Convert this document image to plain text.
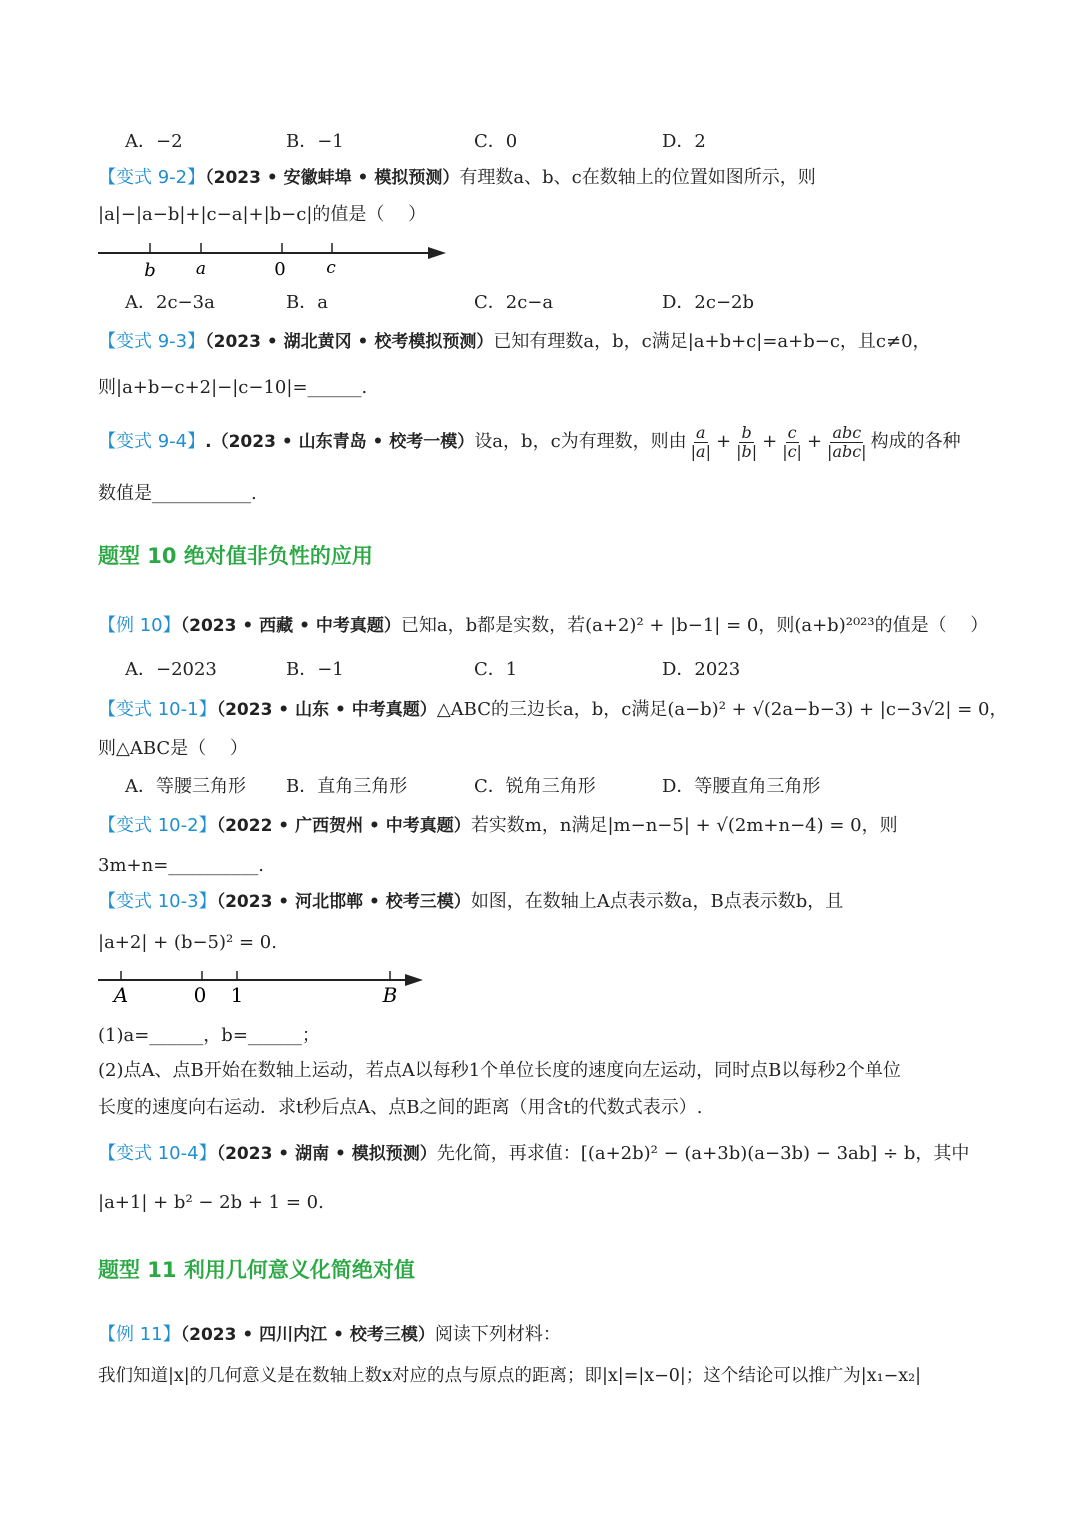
A．−2	B．−1	C．0	D．2
【变式 9-2】（2023 • 安徽蚌埠 • 模拟预测）有理数a、b、c在数轴上的位置如图所示，则
|a|−|a−b|+|c−a|+|b−c|的值是（　 ）
b a	0 c
A．2c−3a	B．a	C．2c−a	D．2c−2b
【变式 9-3】（2023 • 湖北黄冈 • 校考模拟预测）已知有理数a，b，c满足|a+b+c|=a+b−c，且c≠0，
则|a+b−c+2|−|c−10|=______.
【变式 9-4】 .（2023 • 山东青岛 • 校考一模） 设a，b，c为有理数，则由 $\frac{a}{|a|} + \frac{b}{|b|} + \frac{c}{|c|} + \frac{\text{abc}}{\text{|abc|}}$ 构成的各种
数值是___________.
题型 10 绝对值非负性的应用
【例 10】（2023 • 西藏 • 中考真题）已知a，b都是实数，若(a+2)² + |b−1| = 0，则(a+b)²⁰²³的值是（　 ）
A．−2023	B．−1	C．1	D．2023
【变式 10-1】（2023 • 山东 • 中考真题）△ABC的三边长a，b，c满足(a−b)² + √(2a−b−3) + |c−3√2| = 0，
则△ABC是（　 ）
A．等腰三角形 B．直角三角形	C．锐角三角形	D．等腰直角三角形
【变式 10-2】（2022 • 广西贺州 • 中考真题）若实数m，n满足|m−n−5| + √(2m+n−4) = 0，则
3m+n=__________.
【变式 10-3】（2023 • 河北邯郸 • 校考三模）如图，在数轴上A点表示数a，B点表示数b，且
|a+2| + (b−5)² = 0.
A	0 1	B
(1)a=______，b=______；
(2)点A、点B开始在数轴上运动，若点A以每秒1个单位长度的速度向左运动，同时点B以每秒2个单位
长度的速度向右运动．求t秒后点A、点B之间的距离（用含t的代数式表示）.
【变式 10-4】（2023 • 湖南 • 模拟预测）先化简，再求值：[(a+2b)² − (a+3b)(a−3b) − 3ab] ÷ b，其中
|a+1| + b² − 2b + 1 = 0.
题型 11 利用几何意义化简绝对值
【例 11】（2023 • 四川内江 • 校考三模）阅读下列材料：
我们知道|x|的几何意义是在数轴上数x对应的点与原点的距离；即|x|=|x−0|；这个结论可以推广为|x₁−x₂|
